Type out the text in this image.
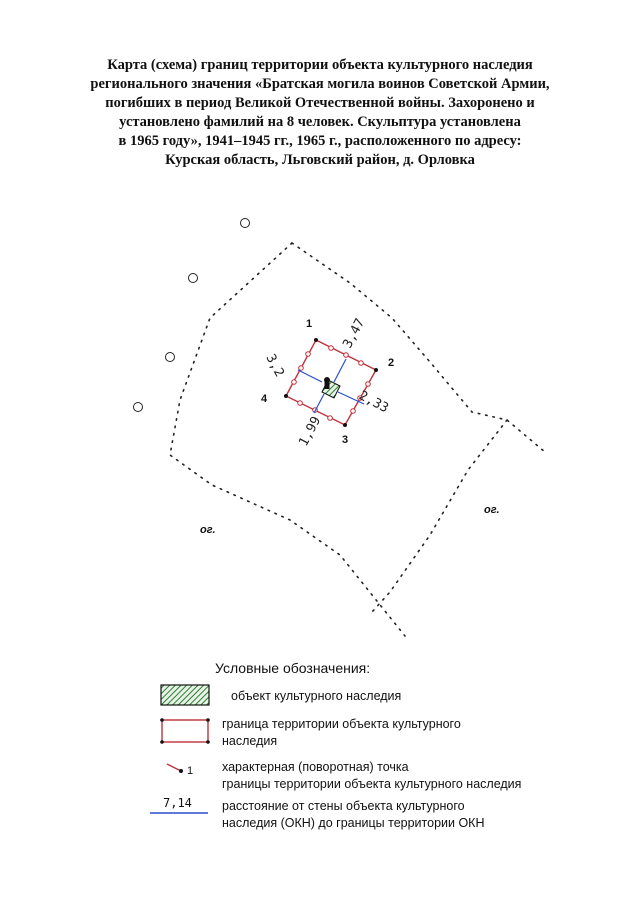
Карта (схема) границ территории объекта культурного наследия
регионального значения «Братская могила воинов Советской Армии,
погибших в период Великой Отечественной войны. Захоронено и
установлено фамилий на 8 человек. Скульптура установлена
в 1965 году», 1941–1945 гг., 1965 г., расположенного по адресу:
Курская область, Льговский район, д. Орловка
1
2
3
4
3,2
3,47
2,33
1,99
ог.
ог.
1
Условные обозначения:
объект культурного наследия
граница территории объекта культурного
наследия
характерная (поворотная) точка
границы территории объекта культурного наследия
7,14 расстояние от стены объекта культурного
наследия (ОКН) до границы территории ОКН
